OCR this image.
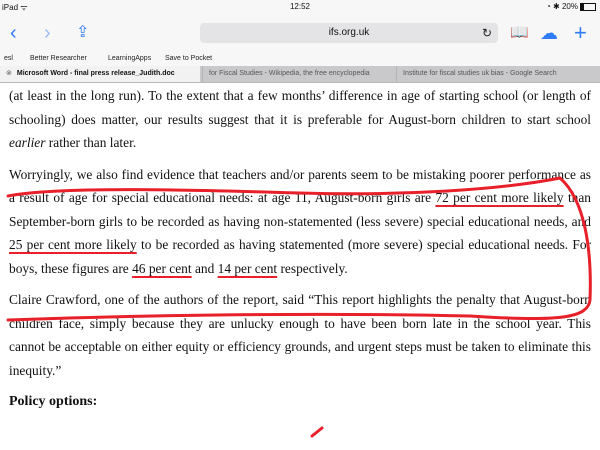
iPad ᯤ	12:52	◔ ✱ 20%
‹ › ⇪	ifs.org.uk	↻ 📖 ☁ +
esl Better Researcher	LearningApps Save to Pocket
⊗ Microsoft Word - final press release_Judith.doc	for Fiscal Studies - Wikipedia, the free encyclopedia	Institute for fiscal studies uk bias - Google Search

(at least in the long run). To the extent that a few months’ difference in age of starting school (or length of schooling) does matter, our results suggest that it is preferable for August-born children to start school earlier rather than later.

Worryingly, we also find evidence that teachers and/or parents seem to be mistaking poorer performance as a result of age for special educational needs: at age 11, August-born girls are 72 per cent more likely than September-born girls to be recorded as having non-statemented (less severe) special educational needs, and 25 per cent more likely to be recorded as having statemented (more severe) special educational needs. For boys, these figures are 46 per cent and 14 per cent respectively.

Claire Crawford, one of the authors of the report, said “This report highlights the penalty that August-born children face, simply because they are unlucky enough to have been born late in the school year. This cannot be acceptable on either equity or efficiency grounds, and urgent steps must be taken to eliminate this inequity.”

Policy options:
